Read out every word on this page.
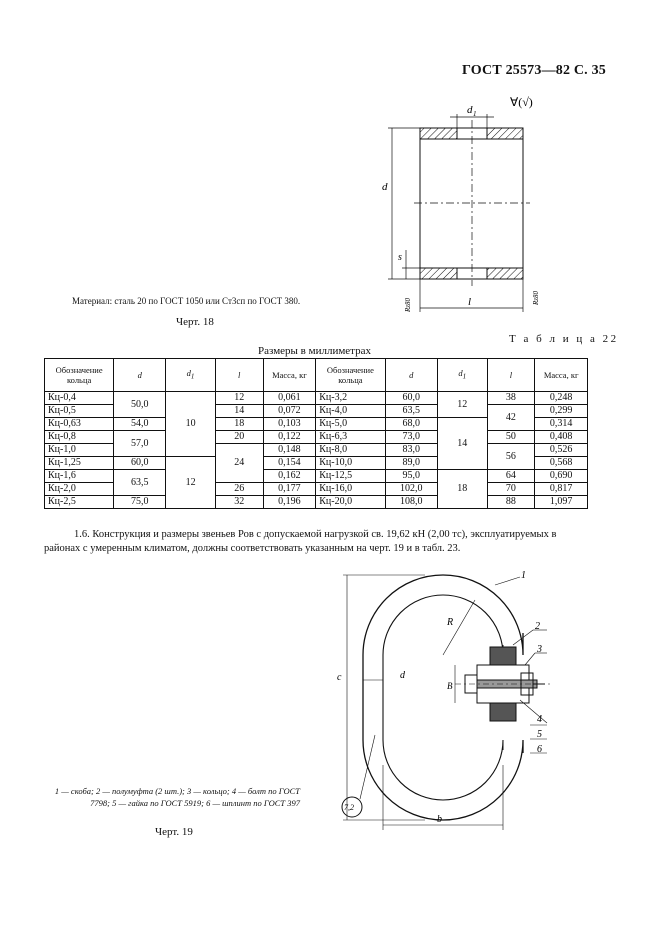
ГОСТ 25573—82 С. 35
d 1
d
s
l
Rz80	Rz80
∀(√)
Материал: сталь 20 по ГОСТ 1050 или Ст3сп по ГОСТ 380.
Черт. 18
Т а б л и ц а 22
Размеры в миллиметрах
Обозначение кольца	d	$d_1$	l	Масса, кг	Обозначение кольца	d	$d_1$	l	Масса, кг
Кц-0,4	50,0	10	12	0,061	Кц-3,2	60,0	12	38	0,248
Кц-0,5			14	0,072	Кц-4,0	63,5		42	0,299
Кц-0,63	54,0		18	0,103	Кц-5,0	68,0	14		0,314
Кц-0,8	57,0		20	0,122	Кц-6,3	73,0		50	0,408
Кц-1,0			24	0,148	Кц-8,0	83,0		56	0,526
Кц-1,25	60,0	12		0,154	Кц-10,0	89,0			0,568
Кц-1,6	63,5			0,162	Кц-12,5	95,0	18	64	0,690
Кц-2,0			26	0,177	Кц-16,0	102,0		70	0,817
Кц-2,5	75,0		32	0,196	Кц-20,0	108,0		88	1,097
1.6. Конструкция и размеры звеньев Ров с допускаемой нагрузкой св. 19,62 кН (2,00 тс), эксплуатируемых в районах с умеренным климатом, должны соответствовать указанным на черт. 19 и в табл. 23.
c
b
R
d
B
1
2
3
4
5
6
7,2
1 — скоба; 2 — полумуфта (2 шт.); 3 — кольцо; 4 — болт по ГОСТ 7798; 5 — гайка по ГОСТ 5919; 6 — шплинт по ГОСТ 397
Черт. 19
